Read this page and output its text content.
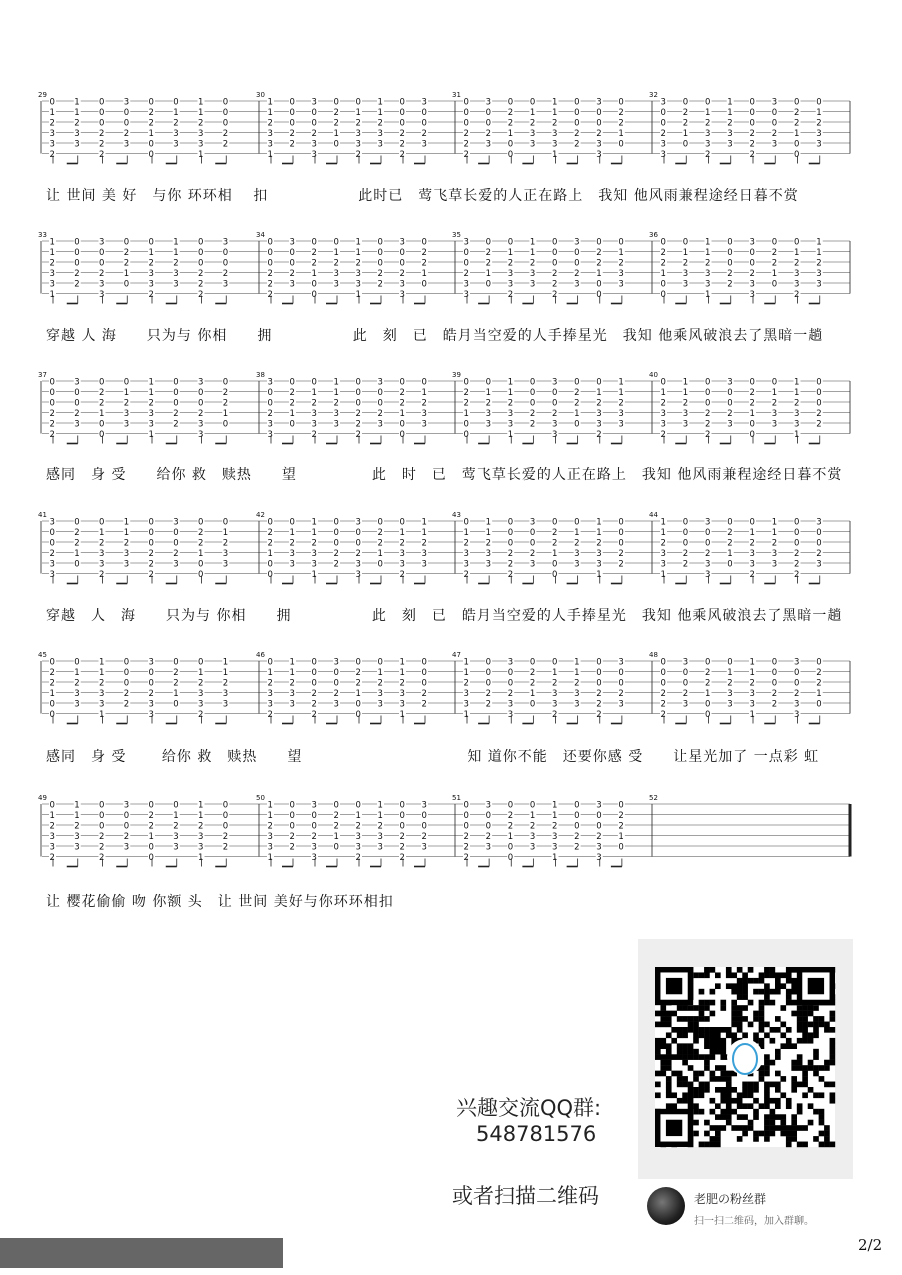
29
0
1
2
3
3
2
1
1
2
3
3
0
0
0
2
2
2
3
0
0
2
3
0
2
2
1
0
0
0
1
2
3
3
1
1
2
3
3
1
0
0
0
2
2
30
1
1
2
3
3
1
0
0
0
2
2
3
0
0
2
3
3
0
2
2
1
0
0
1
2
3
3
2
1
1
2
3
3
0
0
0
2
2
2
3
0
0
2
3
31
0
0
0
2
2
2
3
0
0
2
3
0
2
2
1
0
0
0
1
2
3
3
1
1
2
3
3
1
0
0
0
2
2
3
0
0
2
3
3
0
2
2
1
0
32
3
0
0
2
3
3
0
2
2
1
0
0
1
2
3
3
2
1
1
2
3
3
0
0
0
2
2
2
3
0
0
2
3
0
2
2
1
0
0
0
1
2
3
3
让 世间 美 好　与你 环环相　 扣　　　　　　此时已　莺飞草长爱的人正在路上　我知 他风雨兼程途经日暮不赏
33
1
1
2
3
3
1
0
0
0
2
2
3
0
0
2
3
3
0
2
2
1
0
0
1
2
3
3
2
1
1
2
3
3
0
0
0
2
2
2
3
0
0
2
3
34
0
0
0
2
2
2
3
0
0
2
3
0
2
2
1
0
0
0
1
2
3
3
1
1
2
3
3
1
0
0
0
2
2
3
0
0
2
3
3
0
2
2
1
0
35
3
0
0
2
3
3
0
2
2
1
0
0
1
2
3
3
2
1
1
2
3
3
0
0
0
2
2
2
3
0
0
2
3
0
2
2
1
0
0
0
1
2
3
3
36
0
2
2
1
0
0
0
1
2
3
3
1
1
2
3
3
1
0
0
0
2
2
3
0
0
2
3
3
0
2
2
1
0
0
1
2
3
3
2
1
1
2
3
3
穿越 人 海　　只为与 你相　　拥　　　　　 此　刻　已　皓月当空爱的人手捧星光　我知 他乘风破浪去了黑暗一趟
37
0
0
0
2
2
2
3
0
0
2
3
0
2
2
1
0
0
0
1
2
3
3
1
1
2
3
3
1
0
0
0
2
2
3
0
0
2
3
3
0
2
2
1
0
38
3
0
0
2
3
3
0
2
2
1
0
0
1
2
3
3
2
1
1
2
3
3
0
0
0
2
2
2
3
0
0
2
3
0
2
2
1
0
0
0
1
2
3
3
39
0
2
2
1
0
0
0
1
2
3
3
1
1
2
3
3
1
0
0
0
2
2
3
0
0
2
3
3
0
2
2
1
0
0
1
2
3
3
2
1
1
2
3
3
40
0
1
2
3
3
2
1
1
2
3
3
0
0
0
2
2
2
3
0
0
2
3
0
2
2
1
0
0
0
1
2
3
3
1
1
2
3
3
1
0
0
0
2
2
感同　身 受　　给你 救　赎热　　望　　　　　此　时　已　莺飞草长爱的人正在路上　我知 他风雨兼程途经日暮不赏
41
3
0
0
2
3
3
0
2
2
1
0
0
1
2
3
3
2
1
1
2
3
3
0
0
0
2
2
2
3
0
0
2
3
0
2
2
1
0
0
0
1
2
3
3
42
0
2
2
1
0
0
0
1
2
3
3
1
1
2
3
3
1
0
0
0
2
2
3
0
0
2
3
3
0
2
2
1
0
0
1
2
3
3
2
1
1
2
3
3
43
0
1
2
3
3
2
1
1
2
3
3
0
0
0
2
2
2
3
0
0
2
3
0
2
2
1
0
0
0
1
2
3
3
1
1
2
3
3
1
0
0
0
2
2
44
1
1
2
3
3
1
0
0
0
2
2
3
0
0
2
3
3
0
2
2
1
0
0
1
2
3
3
2
1
1
2
3
3
0
0
0
2
2
2
3
0
0
2
3
穿越　人　海　　只为与 你相　　拥　　　　　 此　刻　已　皓月当空爱的人手捧星光　我知 他乘风破浪去了黑暗一趟
45
0
2
2
1
0
0
0
1
2
3
3
1
1
2
3
3
1
0
0
0
2
2
3
0
0
2
3
3
0
2
2
1
0
0
1
2
3
3
2
1
1
2
3
3
46
0
1
2
3
3
2
1
1
2
3
3
0
0
0
2
2
2
3
0
0
2
3
0
2
2
1
0
0
0
1
2
3
3
1
1
2
3
3
1
0
0
0
2
2
47
1
1
2
3
3
1
0
0
0
2
2
3
0
0
2
3
3
0
2
2
1
0
0
1
2
3
3
2
1
1
2
3
3
0
0
0
2
2
2
3
0
0
2
3
48
0
0
0
2
2
2
3
0
0
2
3
0
2
2
1
0
0
0
1
2
3
3
1
1
2
3
3
1
0
0
0
2
2
3
0
0
2
3
3
0
2
2
1
0
感同　身 受　　 给你 救　赎热　　望　　　　　　　　　　　知 道你不能　还要你感 受　　让星光加了 一点彩 虹
49
0
1
2
3
3
2
1
1
2
3
3
0
0
0
2
2
2
3
0
0
2
3
0
2
2
1
0
0
0
1
2
3
3
1
1
2
3
3
1
0
0
0
2
2
50
1
1
2
3
3
1
0
0
0
2
2
3
0
0
2
3
3
0
2
2
1
0
0
1
2
3
3
2
1
1
2
3
3
0
0
0
2
2
2
3
0
0
2
3
51
0
0
0
2
2
2
3
0
0
2
3
0
2
2
1
0
0
0
1
2
3
3
1
1
2
3
3
1
0
0
0
2
2
3
0
0
2
3
3
0
2
2
1
0
52
让 樱花偷偷 吻 你额 头　让 世间 美好与你环环相扣
兴趣交流QQ群:
548781576
或者扫描二维码	老肥の粉丝群
扫一扫二维码，加入群聊。
2/2
